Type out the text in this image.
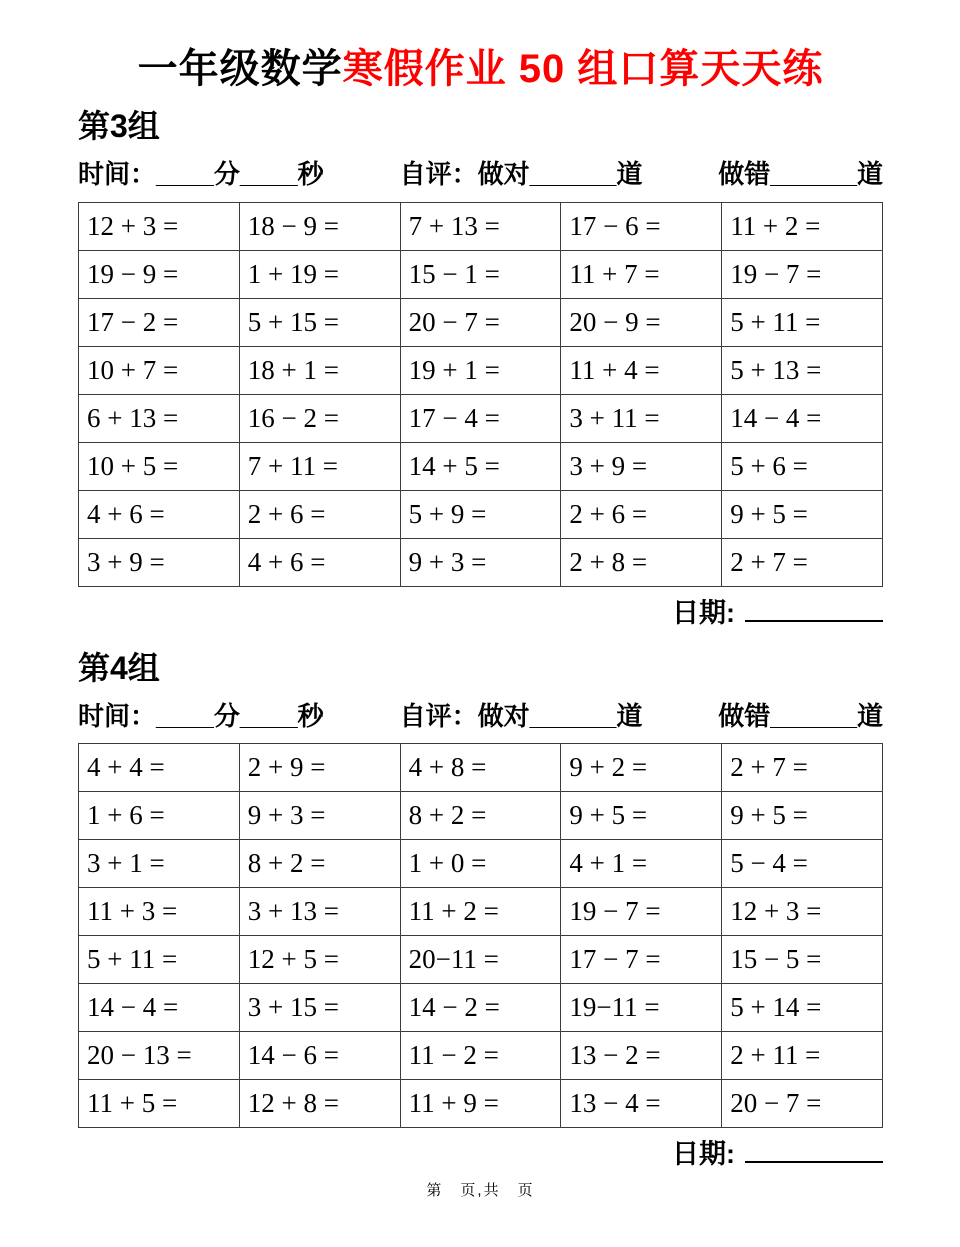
一年级数学寒假作业 50 组口算天天练
第3组
时间：____分____秒	自评：做对______道	做错______道
12 + 3 =	18 − 9 =	7 + 13 =	17 − 6 =	11 + 2 =
19 − 9 =	1 + 19 =	15 − 1 =	11 + 7 =	19 − 7 =
17 − 2 =	5 + 15 =	20 − 7 =	20 − 9 =	5 + 11 =
10 + 7 =	18 + 1 =	19 + 1 =	11 + 4 =	5 + 13 =
6 + 13 =	16 − 2 =	17 − 4 =	3 + 11 =	14 − 4 =
10 + 5 =	7 + 11 =	14 + 5 =	3 + 9 =	5 + 6 =
4 + 6 =	2 + 6 =	5 + 9 =	2 + 6 =	9 + 5 =
3 + 9 =	4 + 6 =	9 + 3 =	2 + 8 =	2 + 7 =
日期:
第4组
时间：____分____秒	自评：做对______道	做错______道
4 + 4 =	2 + 9 =	4 + 8 =	9 + 2 =	2 + 7 =
1 + 6 =	9 + 3 =	8 + 2 =	9 + 5 =	9 + 5 =
3 + 1 =	8 + 2 =	1 + 0 =	4 + 1 =	5 − 4 =
11 + 3 =	3 + 13 =	11 + 2 =	19 − 7 =	12 + 3 =
5 + 11 =	12 + 5 =	20−11 =	17 − 7 =	15 − 5 =
14 − 4 =	3 + 15 =	14 − 2 =	19−11 =	5 + 14 =
20 − 13 =	14 − 6 =	11 − 2 =	13 − 2 =	2 + 11 =
11 + 5 =	12 + 8 =	11 + 9 =	13 − 4 =	20 − 7 =
日期:
第　页,共　页
